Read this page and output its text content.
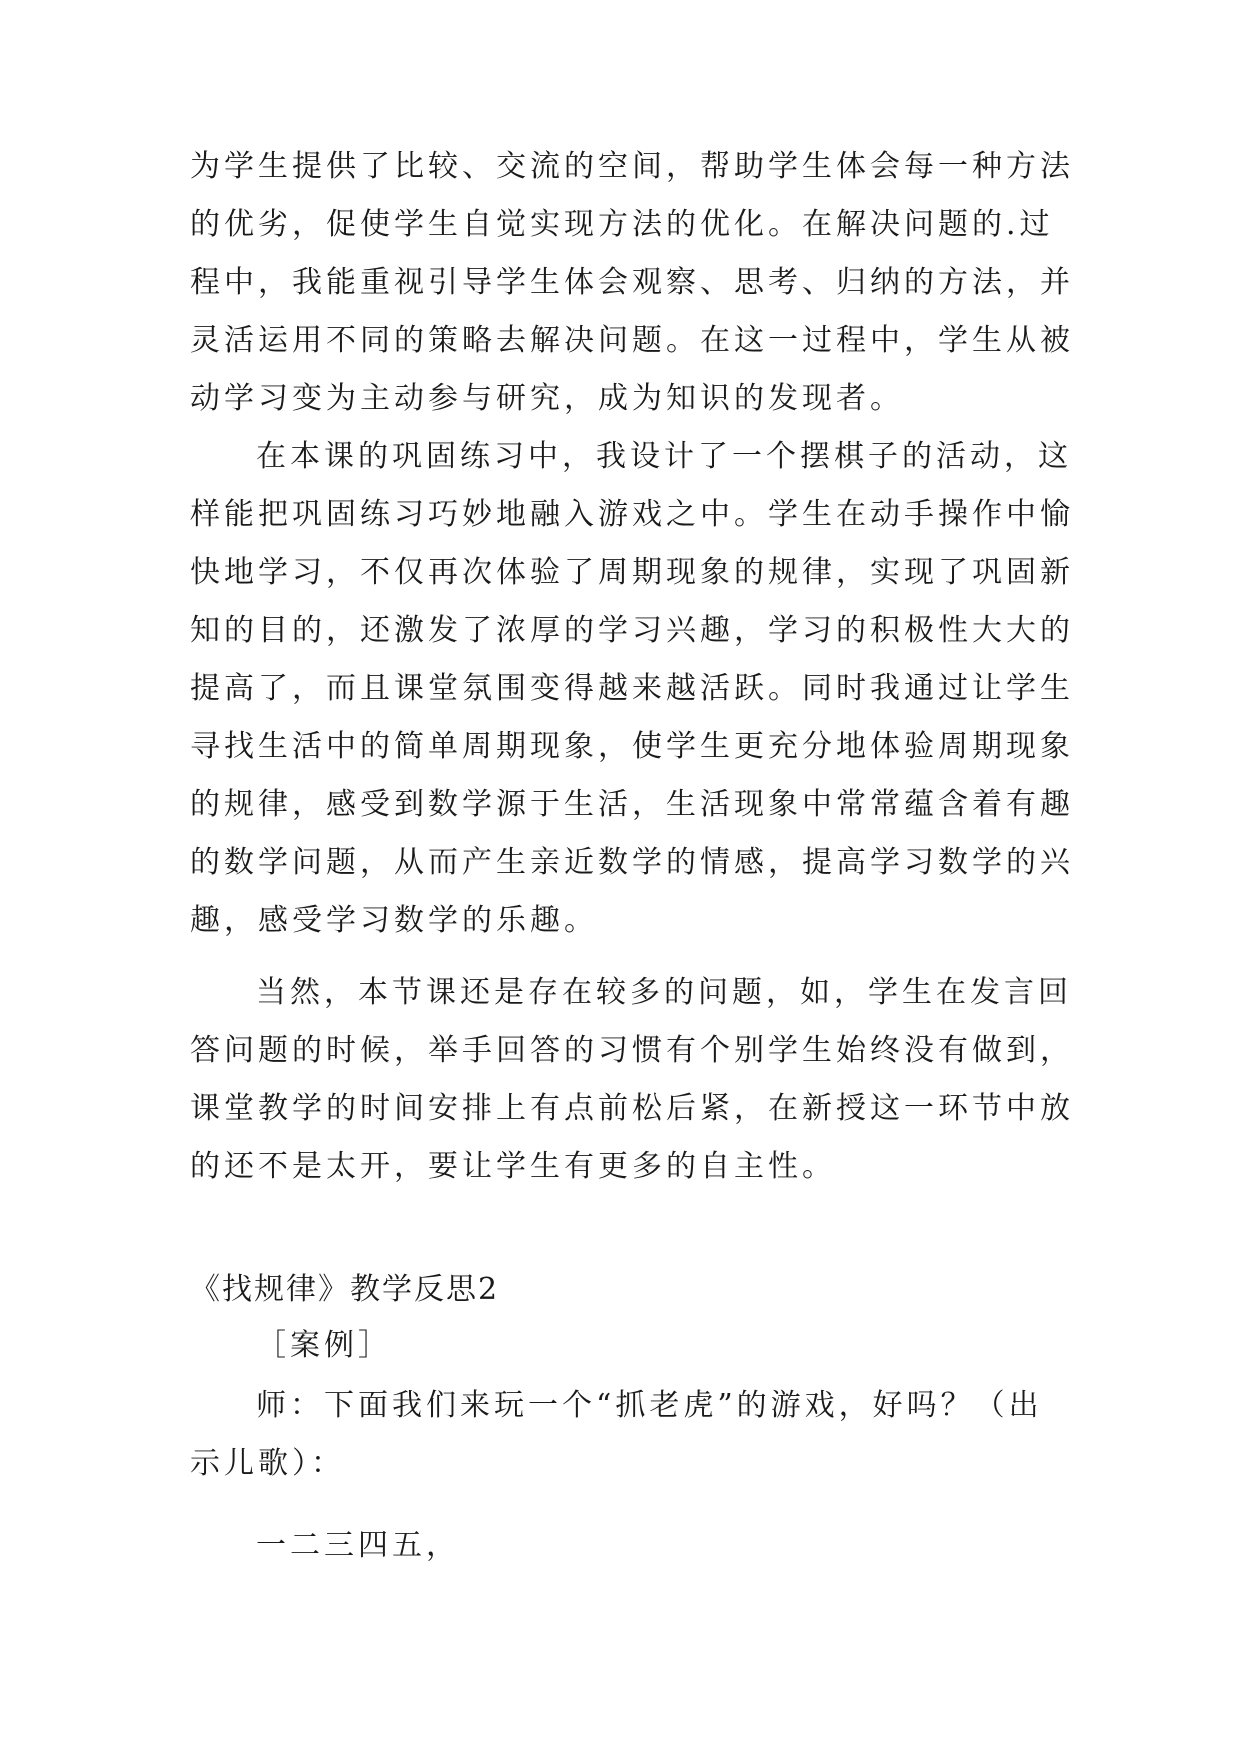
为学生提供了比较、交流的空间，帮助学生体会每一种方法
的优劣，促使学生自觉实现方法的优化。在解决问题的.过
程中，我能重视引导学生体会观察、思考、归纳的方法，并
灵活运用不同的策略去解决问题。在这一过程中，学生从被
动学习变为主动参与研究，成为知识的发现者。
在本课的巩固练习中，我设计了一个摆棋子的活动，这
样能把巩固练习巧妙地融入游戏之中。学生在动手操作中愉
快地学习，不仅再次体验了周期现象的规律，实现了巩固新
知的目的，还激发了浓厚的学习兴趣，学习的积极性大大的
提高了，而且课堂氛围变得越来越活跃。同时我通过让学生
寻找生活中的简单周期现象，使学生更充分地体验周期现象
的规律，感受到数学源于生活，生活现象中常常蕴含着有趣
的数学问题，从而产生亲近数学的情感，提高学习数学的兴
趣，感受学习数学的乐趣。
当然，本节课还是存在较多的问题，如，学生在发言回
答问题的时候，举手回答的习惯有个别学生始终没有做到，
课堂教学的时间安排上有点前松后紧，在新授这一环节中放
的还不是太开，要让学生有更多的自主性。
《找规律》教学反思2
［案例］
师：下面我们来玩一个“抓老虎”的游戏，好吗？（出
示儿歌）：
一二三四五，
